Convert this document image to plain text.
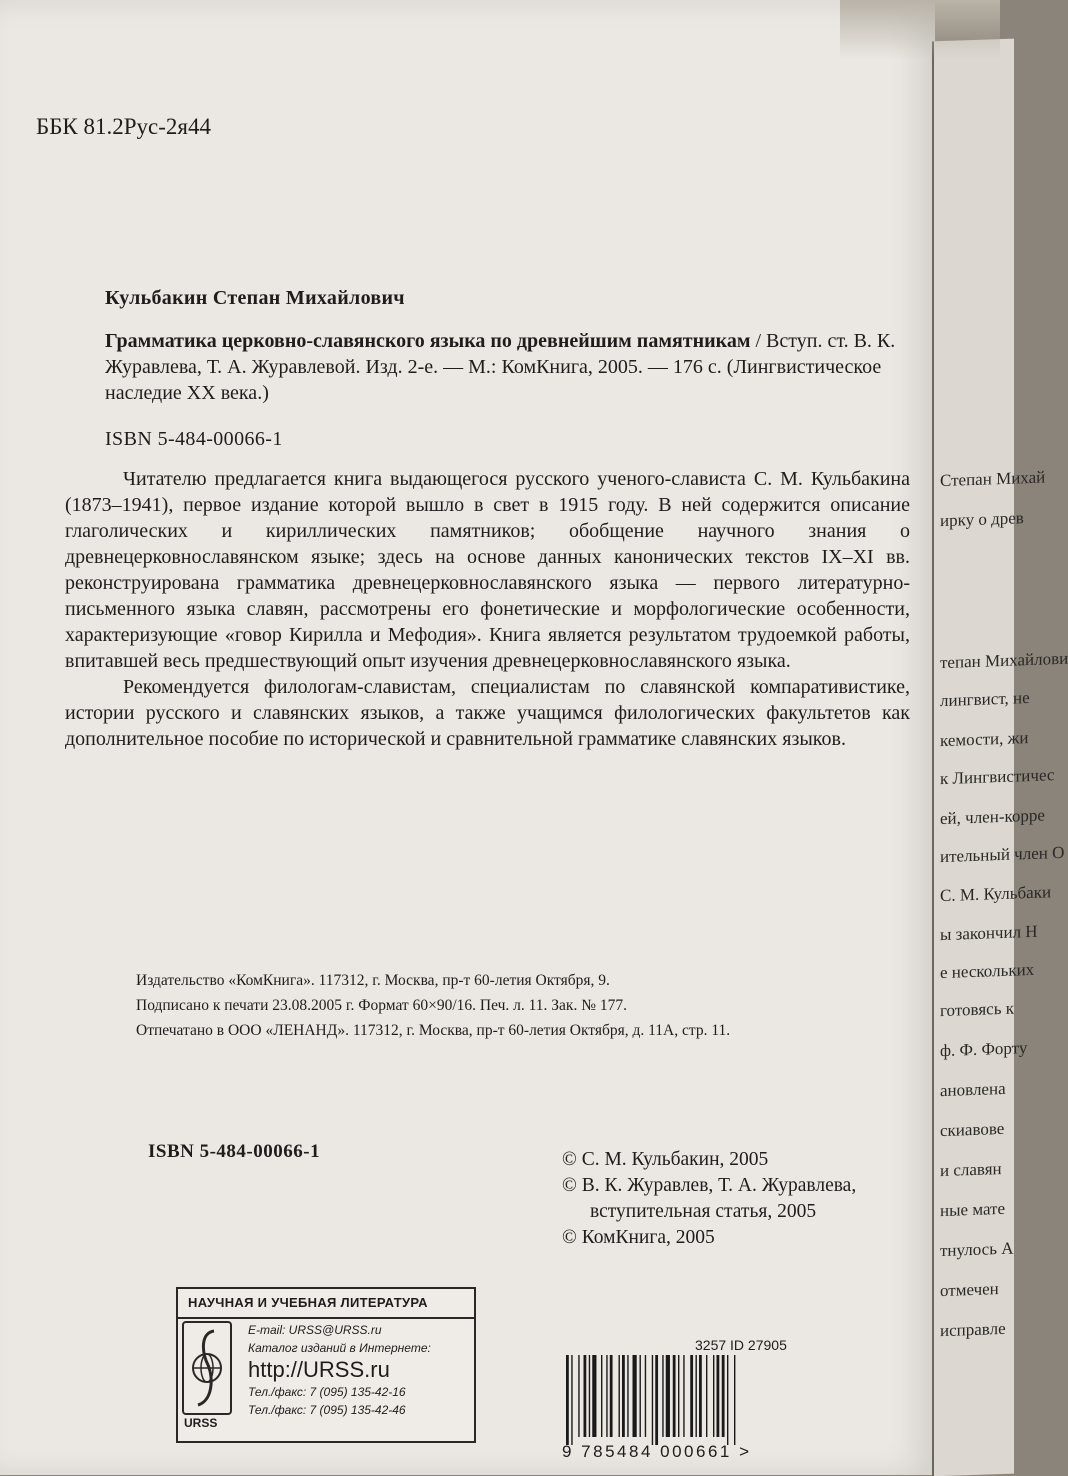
ББК 81.2Рус-2я44
Кульбакин Степан Михайлович
Грамматика церковно-славянского языка по древнейшим памятникам / Вступ. ст. В. К. Журавлева, Т. А. Журавлевой. Изд. 2-е. — М.: КомКнига, 2005. — 176 с. (Лингвистическое наследие XX века.)
ISBN 5-484-00066-1

Читателю предлагается книга выдающегося русского ученого-слависта С. М. Кульбакина (1873–1941), первое издание которой вышло в свет в 1915 году. В ней содержится описание глаголических и кириллических памятников; обобщение научного знания о древнецерковнославянском языке; здесь на основе данных канонических текстов IX–XI вв. реконструирована грамматика древнецерковнославянского языка — первого литературно-письменного языка славян, рассмотрены его фонетические и морфологические особенности, характеризующие «говор Кирилла и Мефодия». Книга является результатом трудоемкой работы, впитавшей весь предшествующий опыт изучения древнецерковнославянского языка.

Рекомендуется филологам-славистам, специалистам по славянской компаративистике, истории русского и славянских языков, а также учащимся филологических факультетов как дополнительное пособие по исторической и сравнительной грамматике славянских языков.

Издательство «КомКнига». 117312, г. Москва, пр-т 60-летия Октября, 9.
Подписано к печати 23.08.2005 г. Формат 60×90/16. Печ. л. 11. Зак. № 177.
Отпечатано в ООО «ЛЕНАНД». 117312, г. Москва, пр-т 60-летия Октября, д. 11А, стр. 11.
ISBN 5-484-00066-1	© С. М. Кульбакин, 2005
© В. К. Журавлев, Т. А. Журавлева,
вступительная статья, 2005
© КомКнига, 2005
НАУЧНАЯ И УЧЕБНАЯ ЛИТЕРАТУРА
URSS
E-mail: URSS@URSS.ru
Каталог изданий в Интернете:
http://URSS.ru
Тел./факс: 7 (095) 135-42-16
Тел./факс: 7 (095) 135-42-46
3257 ID 27905
9 785484 000661 >
Степан Михай
ирку о древ
тепан Михайлови
лингвист, не
кемости, жи
к Лингвистичес
ей, член-корре
ительный член О
С. М. Кульбаки
ы закончил Н
е нескольких
готовясь к
ф. Ф. Форту
ановлена
скиавове
и славян
ные мате
тнулось А
отмечен
исправле
